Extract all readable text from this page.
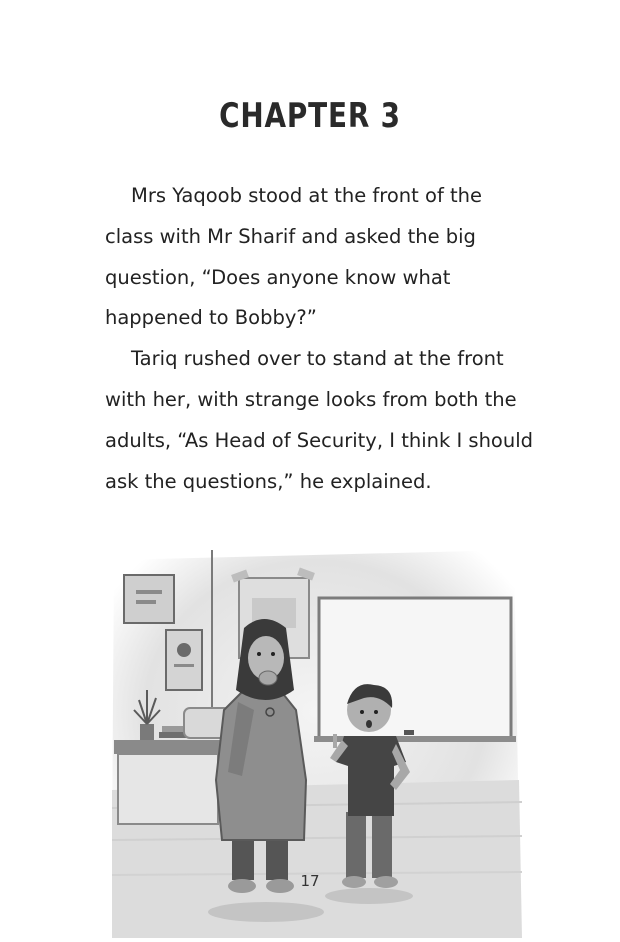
CHAPTER 3
Mrs Yaqoob stood at the front of the
class with Mr Sharif and asked the big
question, “Does anyone know what
happened to Bobby?”
Tariq rushed over to stand at the front
with her, with strange looks from both the
adults, “As Head of Security, I think I should
ask the questions,” he explained.
17
